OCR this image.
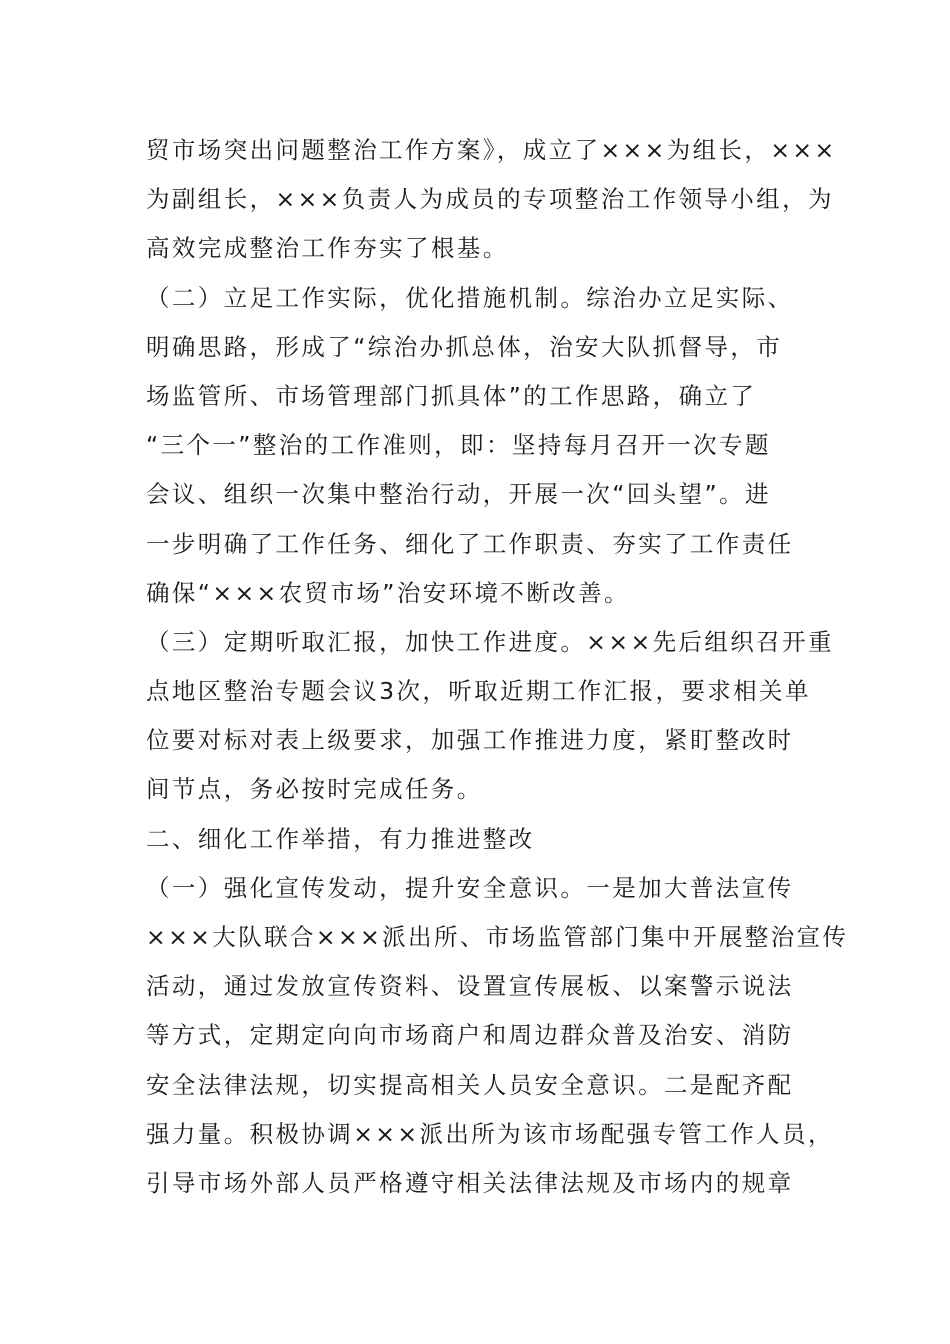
贸市场突出问题整治工作方案》，成立了×××为组长，×××
为副组长，×××负责人为成员的专项整治工作领导小组，为
高效完成整治工作夯实了根基。
（二）立足工作实际，优化措施机制。综治办立足实际、
明确思路，形成了“综治办抓总体，治安大队抓督导，市
场监管所、市场管理部门抓具体”的工作思路，确立了
“三个一”整治的工作准则，即：坚持每月召开一次专题
会议、组织一次集中整治行动，开展一次“回头望”。进
一步明确了工作任务、细化了工作职责、夯实了工作责任
确保“×××农贸市场”治安环境不断改善。
（三）定期听取汇报，加快工作进度。×××先后组织召开重
点地区整治专题会议3次，听取近期工作汇报，要求相关单
位要对标对表上级要求，加强工作推进力度，紧盯整改时
间节点，务必按时完成任务。
二、细化工作举措，有力推进整改
（一）强化宣传发动，提升安全意识。一是加大普法宣传
×××大队联合×××派出所、市场监管部门集中开展整治宣传
活动，通过发放宣传资料、设置宣传展板、以案警示说法
等方式，定期定向向市场商户和周边群众普及治安、消防
安全法律法规，切实提高相关人员安全意识。二是配齐配
强力量。积极协调×××派出所为该市场配强专管工作人员，
引导市场外部人员严格遵守相关法律法规及市场内的规章
